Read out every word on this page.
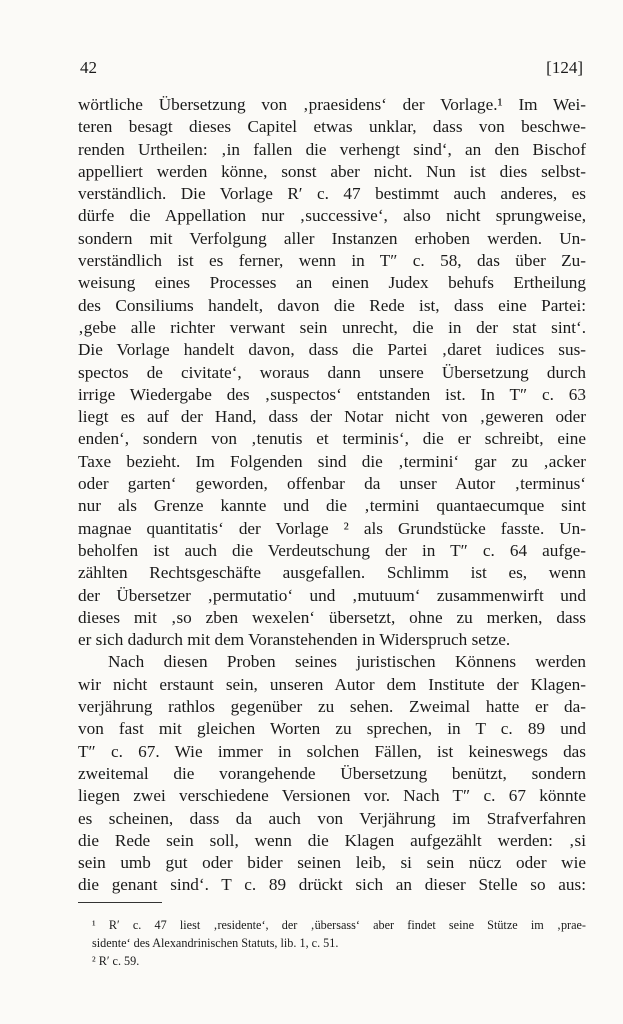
42	[124]
wörtliche Übersetzung von ‚praesidens‘ der Vorlage.¹ Im Wei-
teren besagt dieses Capitel etwas unklar, dass von beschwe-
renden Urtheilen: ‚in fallen die verhengt sind‘, an den Bischof
appelliert werden könne, sonst aber nicht. Nun ist dies selbst-
verständlich. Die Vorlage R′ c. 47 bestimmt auch anderes, es
dürfe die Appellation nur ‚successive‘, also nicht sprungweise,
sondern mit Verfolgung aller Instanzen erhoben werden. Un-
verständlich ist es ferner, wenn in T″ c. 58, das über Zu-
weisung eines Processes an einen Judex behufs Ertheilung
des Consiliums handelt, davon die Rede ist, dass eine Partei:
‚gebe alle richter verwant sein unrecht, die in der stat sint‘.
Die Vorlage handelt davon, dass die Partei ‚daret iudices sus-
spectos de civitate‘, woraus dann unsere Übersetzung durch
irrige Wiedergabe des ‚suspectos‘ entstanden ist. In T″ c. 63
liegt es auf der Hand, dass der Notar nicht von ‚geweren oder
enden‘, sondern von ‚tenutis et terminis‘, die er schreibt, eine
Taxe bezieht. Im Folgenden sind die ‚termini‘ gar zu ‚acker
oder garten‘ geworden, offenbar da unser Autor ‚terminus‘
nur als Grenze kannte und die ‚termini quantaecumque sint
magnae quantitatis‘ der Vorlage ² als Grundstücke fasste. Un-
beholfen ist auch die Verdeutschung der in T″ c. 64 aufge-
zählten Rechtsgeschäfte ausgefallen. Schlimm ist es, wenn
der Übersetzer ‚permutatio‘ und ‚mutuum‘ zusammenwirft und
dieses mit ‚so zben wexelen‘ übersetzt, ohne zu merken, dass
er sich dadurch mit dem Voranstehenden in Widerspruch setze.
Nach diesen Proben seines juristischen Könnens werden
wir nicht erstaunt sein, unseren Autor dem Institute der Klagen-
verjährung rathlos gegenüber zu sehen. Zweimal hatte er da-
von fast mit gleichen Worten zu sprechen, in T c. 89 und
T″ c. 67. Wie immer in solchen Fällen, ist keineswegs das
zweitemal die vorangehende Übersetzung benützt, sondern
liegen zwei verschiedene Versionen vor. Nach T″ c. 67 könnte
es scheinen, dass da auch von Verjährung im Strafverfahren
die Rede sein soll, wenn die Klagen aufgezählt werden: ‚si
sein umb gut oder bider seinen leib, si sein nücz oder wie
die genant sind‘. T c. 89 drückt sich an dieser Stelle so aus:
¹ R′ c. 47 liest ‚residente‘, der ‚übersass‘ aber findet seine Stütze im ‚prae-
sidente‘ des Alexandrinischen Statuts, lib. 1, c. 51.
² R′ c. 59.
